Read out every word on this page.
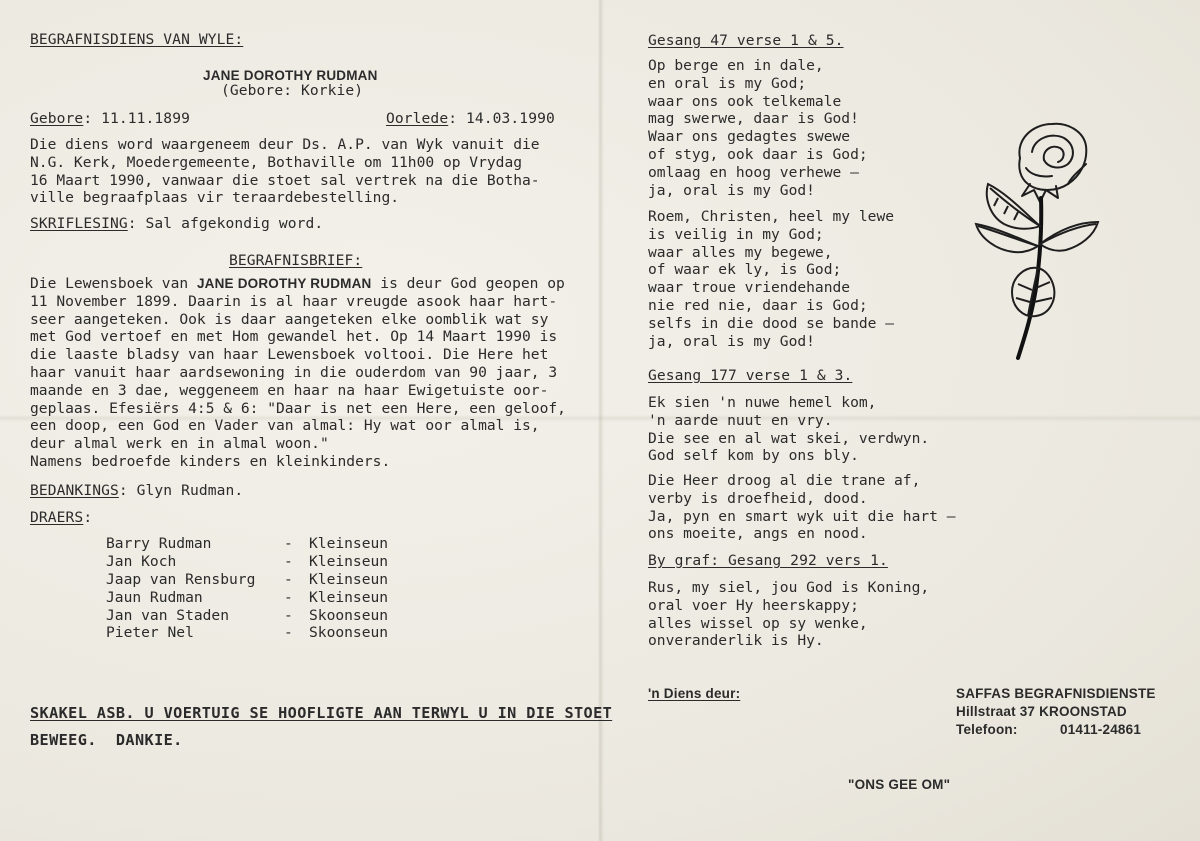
BEGRAFNISDIENS VAN WYLE:
JANE DOROTHY RUDMAN
(Gebore: Korkie)
Gebore: 11.11.1899	Oorlede: 14.03.1990
Die diens word waargeneem deur Ds. A.P. van Wyk vanuit die
N.G. Kerk, Moedergemeente, Bothaville om 11h00 op Vrydag
16 Maart 1990, vanwaar die stoet sal vertrek na die Botha-
ville begraafplaas vir teraardebestelling.
SKRIFLESING: Sal afgekondig word.
BEGRAFNISBRIEF:
Die Lewensboek van JANE DOROTHY RUDMAN is deur God geopen op
11 November 1899. Daarin is al haar vreugde asook haar hart-
seer aangeteken. Ook is daar aangeteken elke oomblik wat sy
met God vertoef en met Hom gewandel het. Op 14 Maart 1990 is
die laaste bladsy van haar Lewensboek voltooi. Die Here het
haar vanuit haar aardsewoning in die ouderdom van 90 jaar, 3
maande en 3 dae, weggeneem en haar na haar Ewigetuiste oor-
geplaas. Efesiërs 4:5 & 6: "Daar is net een Here, een geloof,
een doop, een God en Vader van almal: Hy wat oor almal is,
deur almal werk en in almal woon."
Namens bedroefde kinders en kleinkinders.
BEDANKINGS: Glyn Rudman.
DRAERS:
Barry Rudman	- Kleinseun
Jan Koch	- Kleinseun
Jaap van Rensburg - Kleinseun
Jaun Rudman	- Kleinseun
Jan van Staden	- Skoonseun
Pieter Nel	- Skoonseun
SKAKEL ASB. U VOERTUIG SE HOOFLIGTE AAN TERWYL U IN DIE STOET
BEWEEG.  DANKIE.
Gesang 47 verse 1 & 5.
Op berge en in dale,
en oral is my God;
waar ons ook telkemale
mag swerwe, daar is God!
Waar ons gedagtes swewe
of styg, ook daar is God;
omlaag en hoog verhewe —
ja, oral is my God!
Roem, Christen, heel my lewe
is veilig in my God;
waar alles my begewe,
of waar ek ly, is God;
waar troue vriendehande
nie red nie, daar is God;
selfs in die dood se bande —
ja, oral is my God!
Gesang 177 verse 1 & 3.
Ek sien 'n nuwe hemel kom,
'n aarde nuut en vry.
Die see en al wat skei, verdwyn.
God self kom by ons bly.
Die Heer droog al die trane af,
verby is droefheid, dood.
Ja, pyn en smart wyk uit die hart —
ons moeite, angs en nood.
By graf: Gesang 292 vers 1.
Rus, my siel, jou God is Koning,
oral voer Hy heerskappy;
alles wissel op sy wenke,
onveranderlik is Hy.
'n Diens deur:	SAFFAS BEGRAFNISDIENSTE
Hillstraat 37 KROONSTAD
Telefoon:	01411-24861
"ONS GEE OM"
